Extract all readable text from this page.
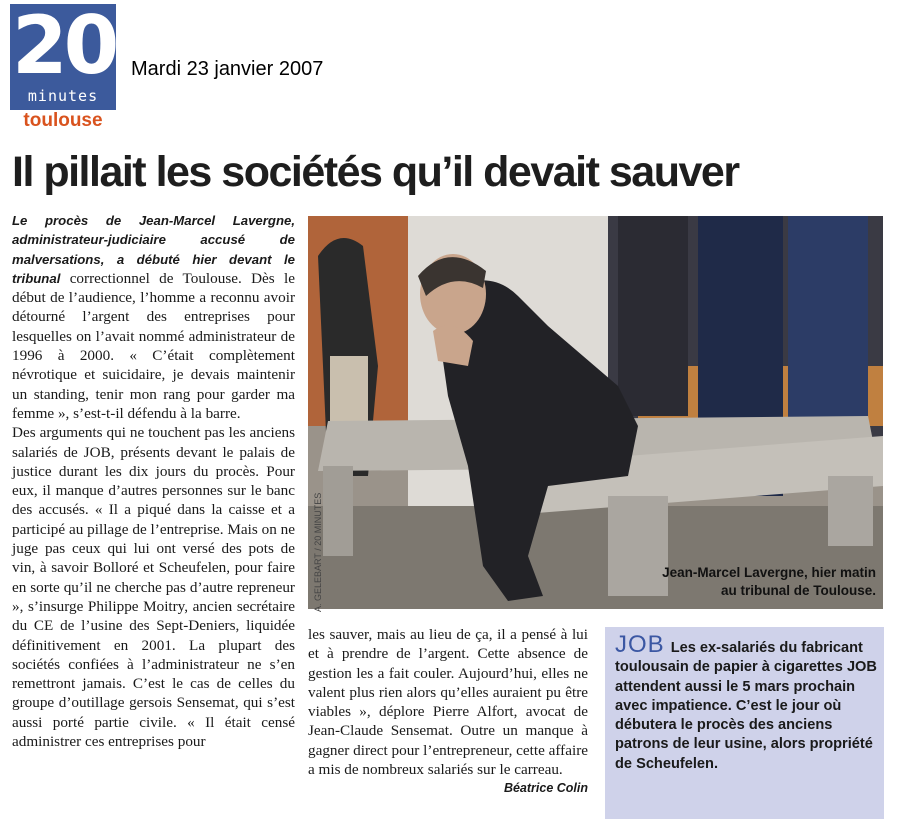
20
minutes
toulouse
Mardi 23 janvier 2007
Il pillait les sociétés qu’il devait sauver

Le procès de Jean-Marcel Lavergne, administrateur-judiciaire accusé de malversations, a débuté hier devant le tribunal correctionnel de Toulouse. Dès le début de l’audience, l’homme a reconnu avoir détourné l’argent des entreprises pour lesquelles on l’avait nommé administrateur de 1996 à 2000. « C’était complètement névrotique et suicidaire, je devais maintenir un standing, tenir mon rang pour garder ma femme », s’est-t-il défendu à la barre.

Des arguments qui ne touchent pas les anciens salariés de JOB, présents devant le palais de justice durant les dix jours du procès. Pour eux, il manque d’autres personnes sur le banc des accusés. « Il a piqué dans la caisse et a participé au pillage de l’entreprise. Mais on ne juge pas ceux qui lui ont versé des pots de vin, à savoir Bolloré et Scheufelen, pour faire en sorte qu’il ne cherche pas d’autre repreneur », s’insurge Philippe Moitry, ancien secrétaire du CE de l’usine des Sept-Deniers, liquidée définitivement en 2001. La plupart des sociétés confiées à l’administrateur ne s’en remettront jamais. C’est le cas de celles du groupe d’outillage gersois Sensemat, qui s’est aussi porté partie civile. « Il était censé administrer ces entreprises pour

A. GELEBART / 20 MINUTES	Jean-Marcel Lavergne, hier matin
au tribunal de Toulouse.

les sauver, mais au lieu de ça, il a pensé à lui et à prendre de l’argent. Cette absence de gestion les a fait couler. Aujourd’hui, elles ne valent plus rien alors qu’elles auraient pu être viables », déplore Pierre Alfort, avocat de Jean-Claude Sensemat. Outre un manque à gagner direct pour l’entrepreneur, cette affaire a mis de nombreux salariés sur le carreau.

Béatrice Colin

JOB Les ex-salariés du fabricant toulousain de papier à cigarettes JOB attendent aussi le 5 mars prochain avec impatience. C’est le jour où débutera le procès des anciens patrons de leur usine, alors propriété de Scheufelen.
